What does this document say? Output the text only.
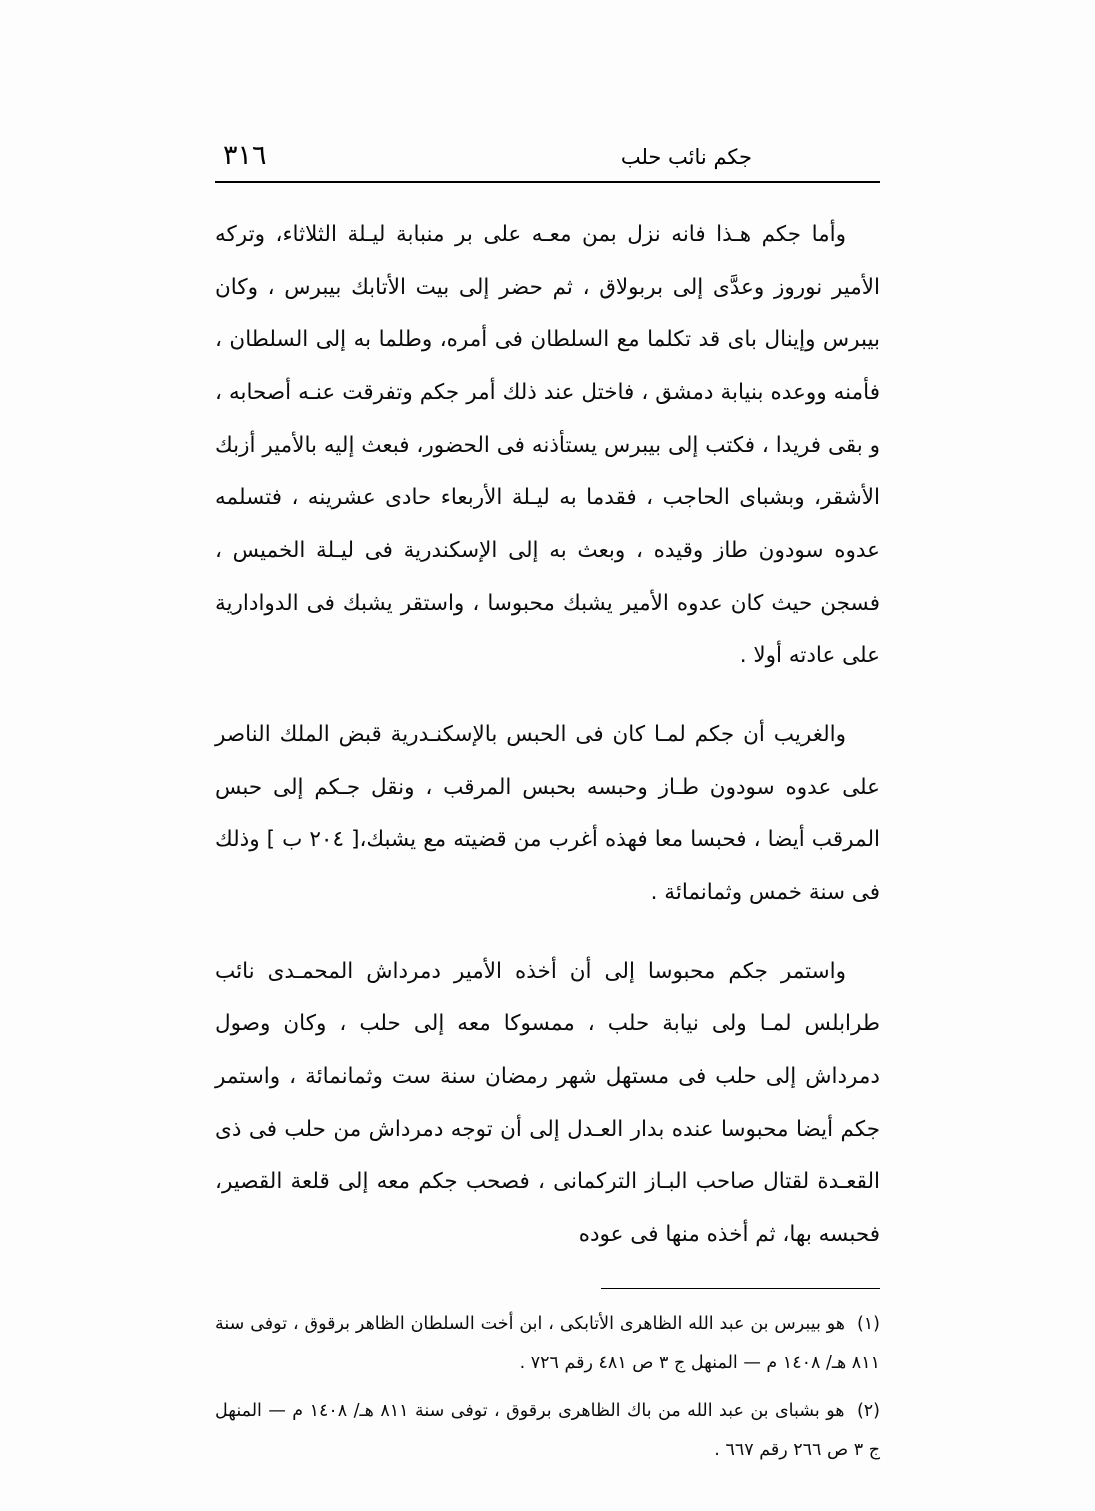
٣١٦	جكم نائب حلب

وأما جكم هـذا فانه نزل بمن معـه على بر منبابة ليـلة الثلاثاء، وتركه الأمير نوروز وعدَّى إلى بربولاق ، ثم حضر إلى بيت الأتابك بيبرس ، وكان بيبرس وإينال باى قد تكلما مع السلطان فى أمره، وطلما به إلى السلطان ، فأمنه ووعده بنيابة دمشق ، فاختل عند ذلك أمر جكم وتفرقت عنـه أصحابه ، و بقى فريدا ، فكتب إلى بيبرس يستأذنه فى الحضور، فبعث إليه بالأمير أزبك الأشقر، وبشباى الحاجب ، فقدما به ليـلة الأربعاء حادى عشرينه ، فتسلمه عدوه سودون طاز وقيده ، وبعث به إلى الإسكندرية فى ليـلة الخميس ، فسجن حيث كان عدوه الأمير يشبك محبوسا ، واستقر يشبك فى الدوادارية على عادته أولا .

والغريب أن جكم لمـا كان فى الحبس بالإسكنـدرية قبض الملك الناصر على عدوه سودون طـاز وحبسه بحبس المرقب ، ونقل جـكم إلى حبس المرقب أيضا ، فحبسا معا فهذه أغرب من قضيته مع يشبك،[ ٢٠٤ ب ] وذلك فى سنة خمس وثمانمائة .

واستمر جكم محبوسا إلى أن أخذه الأمير دمرداش المحمـدى نائب طرابلس لمـا ولى نيابة حلب ، ممسوكا معه إلى حلب ، وكان وصول دمرداش إلى حلب فى مستهل شهر رمضان سنة ست وثمانمائة ، واستمر جكم أيضا محبوسا عنده بدار العـدل إلى أن توجه دمرداش من حلب فى ذى القعـدة لقتال صاحب البـاز التركمانى ، فصحب جكم معه إلى قلعة القصير، فحبسه بها، ثم أخذه منها فى عوده

(١) هو بيبرس بن عبد الله الظاهرى الأتابكى ، ابن أخت السلطان الظاهر برقوق ، توفى سنة ٨١١ هـ/ ١٤٠٨ م — المنهل ج ٣ ص ٤٨١ رقم ٧٢٦ .

(٢) هو بشباى بن عبد الله من باك الظاهرى برقوق ، توفى سنة ٨١١ هـ/ ١٤٠٨ م — المنهل ج ٣ ص ٢٦٦ رقم ٦٦٧ .
